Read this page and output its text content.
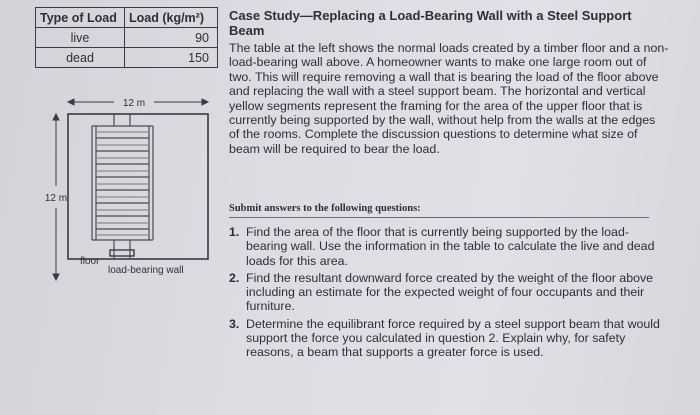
Type of Load	Load (kg/m²)
live	90
dead	150
12 m
12 m
floor
load-bearing wall

Case Study—Replacing a Load-Bearing Wall with a Steel Support Beam

The table at the left shows the normal loads created by a timber floor and a non-load-bearing wall above. A homeowner wants to make one large room out of two. This will require removing a wall that is bearing the load of the floor above and replacing the wall with a steel support beam. The horizontal and vertical yellow segments represent the framing for the area of the upper floor that is currently being supported by the wall, without help from the walls at the edges of the rooms. Complete the discussion questions to determine what size of beam will be required to bear the load.

Submit answers to the following questions:
1. Find the area of the floor that is currently being supported by the load-bearing wall. Use the information in the table to calculate the live and dead loads for this area.
2. Find the resultant downward force created by the weight of the floor above including an estimate for the expected weight of four occupants and their furniture.
3. Determine the equilibrant force required by a steel support beam that would support the force you calculated in question 2. Explain why, for safety reasons, a beam that supports a greater force is used.
